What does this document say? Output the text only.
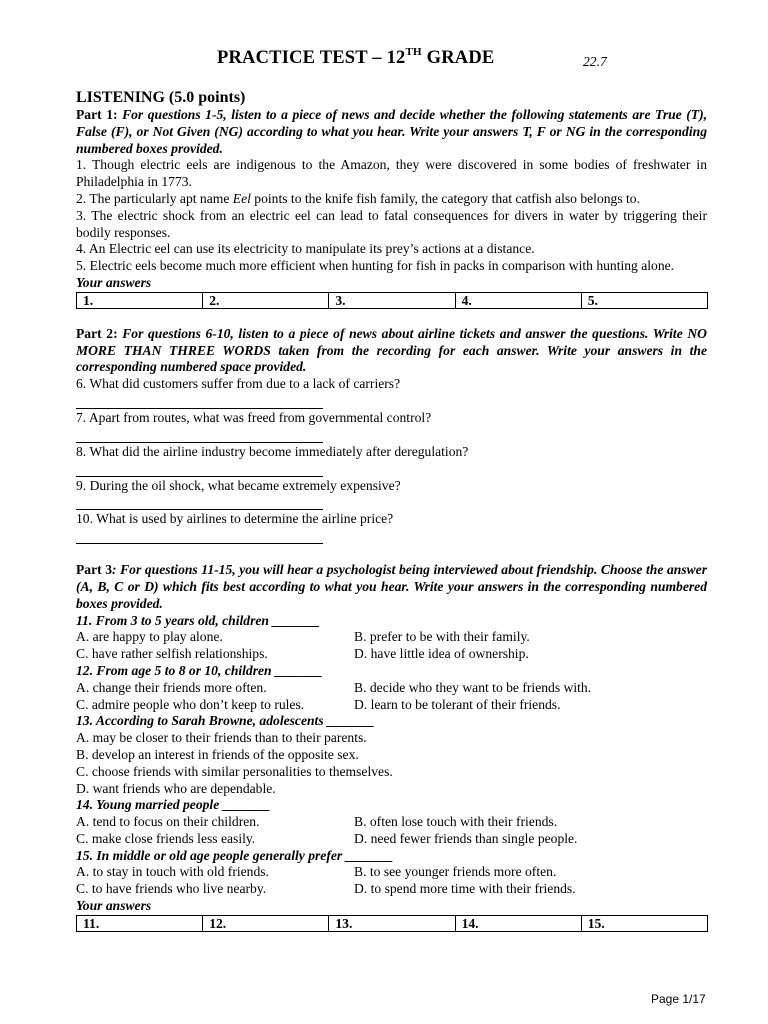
PRACTICE TEST – 12TH GRADE	22.7
LISTENING (5.0 points)

Part 1: For questions 1-5, listen to a piece of news and decide whether the following statements are True (T), False (F), or Not Given (NG) according to what you hear. Write your answers T, F or NG in the corresponding numbered boxes provided.

1. Though electric eels are indigenous to the Amazon, they were discovered in some bodies of freshwater in Philadelphia in 1773.

2. The particularly apt name Eel points to the knife fish family, the category that catfish also belongs to.

3. The electric shock from an electric eel can lead to fatal consequences for divers in water by triggering their bodily responses.

4. An Electric eel can use its electricity to manipulate its prey’s actions at a distance.

5. Electric eels become much more efficient when hunting for fish in packs in comparison with hunting alone.

Your answers
1.	2.	3.	4.	5.

Part 2: For questions 6-10, listen to a piece of news about airline tickets and answer the questions. Write NO MORE THAN THREE WORDS taken from the recording for each answer. Write your answers in the corresponding numbered space provided.

6. What did customers suffer from due to a lack of carriers?
7. Apart from routes, what was freed from governmental control?
8. What did the airline industry become immediately after deregulation?
9. During the oil shock, what became extremely expensive?
10. What is used by airlines to determine the airline price?

Part 3: For questions 11-15, you will hear a psychologist being interviewed about friendship. Choose the answer (A, B, C or D) which fits best according to what you hear. Write your answers in the corresponding numbered boxes provided.

11. From 3 to 5 years old, children _______
A. are happy to play alone.	B. prefer to be with their family.
C. have rather selfish relationships.	D. have little idea of ownership.
12. From age 5 to 8 or 10, children _______
A. change their friends more often.	B. decide who they want to be friends with.
C. admire people who don’t keep to rules.	D. learn to be tolerant of their friends.
13. According to Sarah Browne, adolescents _______
A. may be closer to their friends than to their parents.
B. develop an interest in friends of the opposite sex.
C. choose friends with similar personalities to themselves.
D. want friends who are dependable.
14. Young married people _______
A. tend to focus on their children.	B. often lose touch with their friends.
C. make close friends less easily.	D. need fewer friends than single people.
15. In middle or old age people generally prefer _______
A. to stay in touch with old friends.	B. to see younger friends more often.
C. to have friends who live nearby.	D. to spend more time with their friends.
Your answers
11.	12.	13.	14.	15.
Page 1/17
